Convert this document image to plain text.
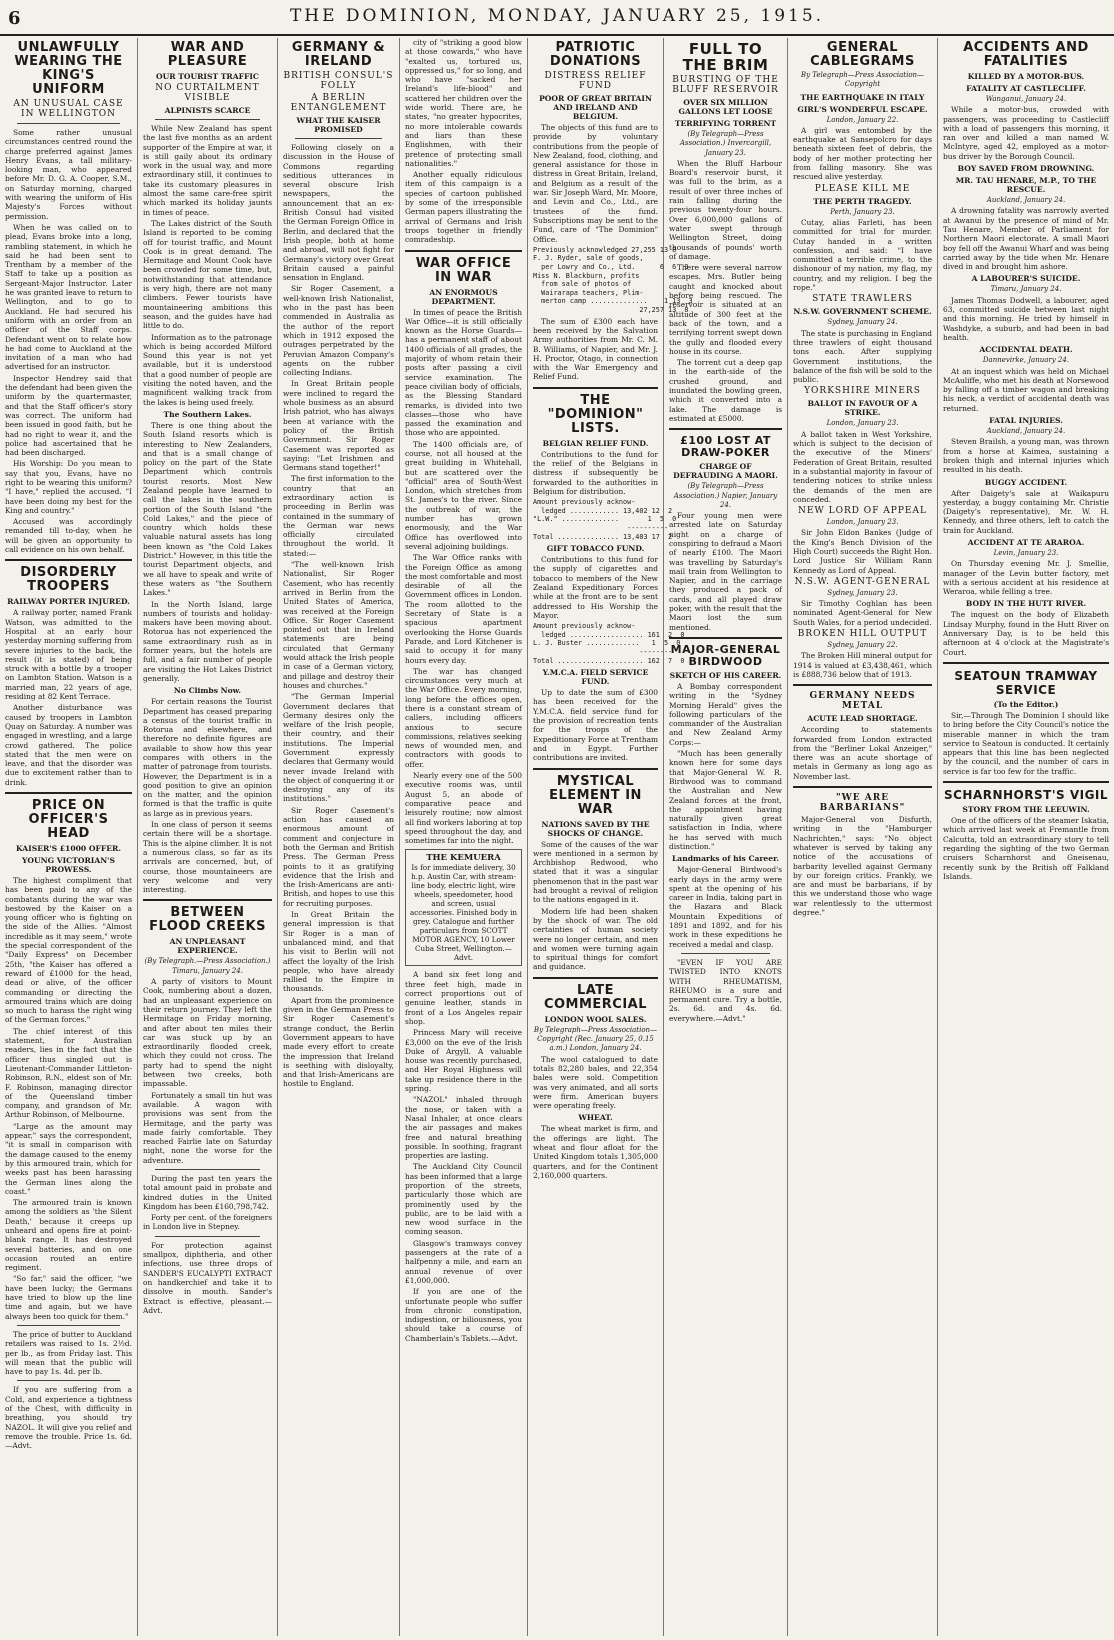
6	THE DOMINION, MONDAY, JANUARY 25, 1915.
UNLAWFULLY WEARING THE KING'S UNIFORM
AN UNUSUAL CASE IN WELLINGTON

Some rather unusual circumstances centred round the charge preferred against James Henry Evans, a tall military-looking man, who appeared before Mr. D. G. A. Cooper, S.M., on Saturday morning, charged with wearing the uniform of His Majesty's Forces without permission.

When he was called on to plead, Evans broke into a long, rambling statement, in which he said he had been sent to Trentham by a member of the Staff to take up a position as Sergeant-Major Instructor. Later he was granted leave to return to Wellington, and to go to Auckland. He had secured his uniform with an order from an officer of the Staff corps. Defendant went on to relate how he had come to Auckland at the invitation of a man who had advertised for an instructor.

Inspector Hendrey said that the defendant had been given the uniform by the quartermaster, and that the Staff officer's story was correct. The uniform had been issued in good faith, but he had no right to wear it, and the police had ascertained that he had been discharged.

His Worship: Do you mean to say that you, Evans, have no right to be wearing this uniform? "I have," replied the accused. "I have been doing my best for the King and country."

Accused was accordingly remanded till to-day, when he will be given an opportunity to call evidence on his own behalf.

DISORDERLY TROOPERS
RAILWAY PORTER INJURED.

A railway porter, named Frank Watson, was admitted to the Hospital at an early hour yesterday morning suffering from severe injuries to the back, the result (it is stated) of being struck with a bottle by a trooper on Lambton Station. Watson is a married man, 22 years of age, residing at 82 Kent Terrace.

Another disturbance was caused by troopers in Lambton Quay on Saturday. A number was engaged in wrestling, and a large crowd gathered. The police stated that the men were on leave, and that the disorder was due to excitement rather than to drink.

PRICE ON OFFICER'S HEAD
KAISER'S £1000 OFFER.
YOUNG VICTORIAN'S PROWESS.

The highest compliment that has been paid to any of the combatants during the war was bestowed by the Kaiser on a young officer who is fighting on the side of the Allies. "Almost incredible as it may seem," wrote the special correspondent of the "Daily Express" on December 25th, "the Kaiser has offered a reward of £1000 for the head, dead or alive, of the officer commanding or directing the armoured trains which are doing so much to harass the right wing of the German forces."

The chief interest of this statement, for Australian readers, lies in the fact that the officer thus singled out is Lieutenant-Commander Littleton-Robinson, R.N., eldest son of Mr. F. Robinson, managing director of the Queensland timber company, and grandson of Mr. Arthur Robinson, of Melbourne.

"Large as the amount may appear," says the correspondent, "it is small in comparison with the damage caused to the enemy by this armoured train, which for weeks past has been harassing the German lines along the coast."

The armoured train is known among the soldiers as 'the Silent Death,' because it creeps up unheard and opens fire at point-blank range. It has destroyed several batteries, and on one occasion routed an entire regiment.

"So far," said the officer, "we have been lucky; the Germans have tried to blow up the line time and again, but we have always been too quick for them."

The price of butter to Auckland retailers was raised to 1s. 2½d. per lb., as from Friday last. This will mean that the public will have to pay 1s. 4d. per lb.

If you are suffering from a Cold, and experience a tightness of the Chest, with difficulty in breathing, you should try NAZOL. It will give you relief and remove the trouble. Price 1s. 6d.—Advt.

WAR AND PLEASURE
OUR TOURIST TRAFFIC
NO CURTAILMENT VISIBLE
ALPINISTS SCARCE

While New Zealand has spent the last five months as an ardent supporter of the Empire at war, it is still gaily about its ordinary work in the usual way, and more extraordinary still, it continues to take its customary pleasures in almost the same care-free spirit which marked its holiday jaunts in times of peace.

The Lakes district of the South Island is reported to be coming off for tourist traffic, and Mount Cook is in great demand. The Hermitage and Mount Cook have been crowded for some time, but, notwithstanding that attendance is very high, there are not many climbers. Fewer tourists have mountaineering ambitions this season, and the guides have had little to do.

Information as to the patronage which is being accorded Milford Sound this year is not yet available, but it is understood that a good number of people are visiting the noted haven, and the magnificent walking track from the lakes is being used freely.

The Southern Lakes.

There is one thing about the South Island resorts which is interesting to New Zealanders, and that is a small change of policy on the part of the State Department which controls tourist resorts. Most New Zealand people have learned to call the lakes in the southern portion of the South Island "the Cold Lakes," and the piece of country which holds these valuable natural assets has long been known as "the Cold Lakes District." However, in this title the tourist Department objects, and we all have to speak and write of these waters as "the Southern Lakes."

In the North Island, large numbers of tourists and holiday-makers have been moving about. Rotorua has not experienced the same extraordinary rush as in former years, but the hotels are full, and a fair number of people are visiting the Hot Lakes District generally.

No Climbs Now.

For certain reasons the Tourist Department has ceased preparing a census of the tourist traffic in Rotorua and elsewhere, and therefore no definite figures are available to show how this year compares with others in the matter of patronage from tourists. However, the Department is in a good position to give an opinion on the matter, and the opinion formed is that the traffic is quite as large as in previous years.

In one class of person it seems certain there will be a shortage. This is the alpine climber. It is not a numerous class, so far as its arrivals are concerned, but, of course, those mountaineers are very welcome and very interesting.

BETWEEN FLOOD CREEKS
AN UNPLEASANT EXPERIENCE.
(By Telegraph.—Press Association.) Timaru, January 24.

A party of visitors to Mount Cook, numbering about a dozen, had an unpleasant experience on their return journey. They left the Hermitage on Friday morning, and after about ten miles their car was stuck up by an extraordinarily flooded creek, which they could not cross. The party had to spend the night between two creeks, both impassable.

Fortunately a small tin hut was available. A wagon with provisions was sent from the Hermitage, and the party was made fairly comfortable. They reached Fairlie late on Saturday night, none the worse for the adventure.

During the past ten years the total amount paid in probate and kindred duties in the United Kingdom has been £160,798,742.

Forty per cent. of the foreigners in London live in Stepney.

For protection against smallpox, diphtheria, and other infections, use three drops of SANDER'S EUCALYPTI EXTRACT on handkerchief and take it to dissolve in mouth. Sander's Extract is effective, pleasant.—Advt.

GERMANY & IRELAND
BRITISH CONSUL'S FOLLY
A BERLIN ENTANGLEMENT
WHAT THE KAISER PROMISED

Following closely on a discussion in the House of Commons regarding seditious utterances in several obscure Irish newspapers, the announcement that an ex-British Consul had visited the German Foreign Office in Berlin, and declared that the Irish people, both at home and abroad, will not fight for Germany's victory over Great Britain caused a painful sensation in England.

Sir Roger Casement, a well-known Irish Nationalist, who in the past has been commended in Australia as the author of the report which in 1912 exposed the outrages perpetrated by the Peruvian Amazon Company's agents on the rubber collecting Indians.

In Great Britain people were inclined to regard the whole business as an absurd Irish patriot, who has always been at variance with the policy of the British Government. Sir Roger Casement was reported as saying: "Let Irishmen and Germans stand together!"

The first information to the country that an extraordinary action is proceeding in Berlin was contained in the summary of the German war news officially circulated throughout the world. It stated:—

"The well-known Irish Nationalist, Sir Roger Casement, who has recently arrived in Berlin from the United States of America, was received at the Foreign Office. Sir Roger Casement pointed out that in Ireland statements are being circulated that Germany would attack the Irish people in case of a German victory, and pillage and destroy their houses and churches."

"The German Imperial Government declares that Germany desires only the welfare of the Irish people, their country, and their institutions. The Imperial Government expressly declares that Germany would never invade Ireland with the object of conquering it or destroying any of its institutions."

Sir Roger Casement's action has caused an enormous amount of comment and conjecture in both the German and British Press. The German Press points to it as gratifying evidence that the Irish and the Irish-Americans are anti-British, and hopes to use this for recruiting purposes.

In Great Britain the general impression is that Sir Roger is a man of unbalanced mind, and that his visit to Berlin will not affect the loyalty of the Irish people, who have already rallied to the Empire in thousands.

Apart from the prominence given in the German Press to Sir Roger Casement's strange conduct, the Berlin Government appears to have made every effort to create the impression that Ireland is seething with disloyalty, and that Irish-Americans are hostile to England.

city of "striking a good blow at those cowards," who have "exalted us, tortured us, oppressed us," for so long, and who have "sacked her Ireland's life-blood" and scattered her children over the wide world. There are, he states, "no greater hypocrites, no more intolerable cowards and liars than these Englishmen, with their pretence of protecting small nationalities."

Another equally ridiculous item of this campaign is a species of cartoon published by some of the irresponsible German papers illustrating the arrival of Germans and Irish troops together in friendly comradeship.

WAR OFFICE IN WAR
AN ENORMOUS DEPARTMENT.

In times of peace the British War Office—it is still officially known as the Horse Guards—has a permanent staff of about 1400 officials of all grades, the majority of whom retain their posts after passing a civil service examination. The peace civilian body of officials, as the Blessing Standard remarks, is divided into two classes—those who have passed the examination and those who are appointed.

The 1400 officials are, of course, not all housed at the great building in Whitehall, but are scattered over the "official" area of South-West London, which stretches from St. James's to the river. Since the outbreak of war, the number has grown enormously, and the War Office has overflowed into several adjoining buildings.

The War Office ranks with the Foreign Office as among the most comfortable and most desirable of all the Government offices in London. The room allotted to the Secretary of State is a spacious apartment overlooking the Horse Guards Parade, and Lord Kitchener is said to occupy it for many hours every day.

The war has changed circumstances very much at the War Office. Every morning, long before the offices open, there is a constant stream of callers, including officers anxious to secure commissions, relatives seeking news of wounded men, and contractors with goods to offer.

Nearly every one of the 500 executive rooms was, until August 5, an abode of comparative peace and leisurely routine; now almost all find workers laboring at top speed throughout the day, and sometimes far into the night.

THE KEMUERA
Is for immediate delivery, 30 h.p. Austin Car, with stream-line body, electric light, wire wheels, speedometer, hood and screen, usual accessories. Finished body in grey. Catalogue and further particulars from SCOTT MOTOR AGENCY, 10 Lower Cuba Street, Wellington.—Advt.

A band six feet long and three feet high, made in correct proportions out of genuine leather, stands in front of a Los Angeles repair shop.

Princess Mary will receive £3,000 on the eve of the Irish Duke of Argyll. A valuable house was recently purchased, and Her Royal Highness will take up residence there in the spring.

"NAZOL" inhaled through the nose, or taken with a Nasal Inhaler, at once clears the air passages and makes free and natural breathing possible. In soothing, fragrant properties are lasting.

The Auckland City Council has been informed that a large proportion of the streets, particularly those which are prominently used by the public, are to be laid with a new wood surface in the coming season.

Glasgow's tramways convey passengers at the rate of a halfpenny a mile, and earn an annual revenue of over £1,000,000.

If you are one of the unfortunate people who suffer from chronic constipation, indigestion, or biliousness, you should take a course of Chamberlain's Tablets.—Advt.

PATRIOTIC DONATIONS
DISTRESS RELIEF FUND
POOR OF GREAT BRITAIN AND IRELAND AND BELGIUM.

The objects of this fund are to provide by voluntary contributions from the people of New Zealand, food, clothing, and general assistance for those in distress in Great Britain, Ireland, and Belgium as a result of the war. Sir Joseph Ward, Mr. Moore, and Levin and Co., Ltd., are trustees of the fund. Subscriptions may be sent to the Fund, care of "The Dominion" Office.

Previously acknowledged 27,255 13 8
F. J. Ryder, sale of goods,
per Lowry and Co., Ltd.      6  6  9
Miss N. Blackburn, profits
from sale of photos of
Wairarapa teachers, Plim-
merton camp ..............    1 13  3
27,257 13  8

The sum of £300 each have been received by the Salvation Army authorities from Mr. C. M. B. Williams, of Napier, and Mr. J. H. Proctor, Otago, in connection with the War Emergency and Relief Fund.

THE "DOMINION" LISTS.
BELGIAN RELIEF FUND.

Contributions to the fund for the relief of the Belgians in distress if subsequently be forwarded to the authorities in Belgium for distribution.

Amount previously acknow-
ledged ............ 13,402 12  2
"L.W." ..............       1  5  0
----------
Total ............... 13,403 17  2
GIFT TOBACCO FUND.

Contributions to this fund for the supply of cigarettes and tobacco to members of the New Zealand Expeditionary Forces while at the front are to be sent addressed to His Worship the Mayor.

Amount previously acknow-
ledged .................. 161  2  0
L. J. Buster .............   1  5  0
--------
Total ..................... 162  7  0
Y.M.C.A. FIELD SERVICE FUND.

Up to date the sum of £300 has been received for the Y.M.C.A. field service fund for the provision of recreation tents for the troops of the Expeditionary Force at Trentham and in Egypt. Further contributions are invited.

MYSTICAL ELEMENT IN WAR
NATIONS SAVED BY THE SHOCKS OF CHANGE.

Some of the causes of the war were mentioned in a sermon by Archbishop Redwood, who stated that it was a singular phenomenon that in the past war had brought a revival of religion to the nations engaged in it.

Modern life had been shaken by the shock of war. The old certainties of human society were no longer certain, and men and women were turning again to spiritual things for comfort and guidance.

LATE COMMERCIAL
LONDON WOOL SALES.
By Telegraph—Press Association—Copyright (Rec. January 25, 0.15 a.m.) London, January 24.

The wool catalogued to date totals 82,280 bales, and 22,354 bales were sold. Competition was very animated, and all sorts were firm. American buyers were operating freely.

WHEAT.

The wheat market is firm, and the offerings are light. The wheat and flour afloat for the United Kingdom totals 1,305,000 quarters, and for the Continent 2,160,000 quarters.

FULL TO THE BRIM
BURSTING OF THE BLUFF RESERVOIR
OVER SIX MILLION GALLONS LET LOOSE
TERRIFYING TORRENT
(By Telegraph—Press Association.) Invercargill, January 23.

When the Bluff Harbour Board's reservoir burst, it was full to the brim, as a result of over three inches of rain falling during the previous twenty-four hours. Over 6,000,000 gallons of water swept through Wellington Street, doing thousands of pounds' worth of damage.

There were several narrow escapes. Mrs. Butler being caught and knocked about before being rescued. The reservoir is situated at an altitude of 300 feet at the back of the town, and a terrifying torrent swept down the gully and flooded every house in its course.

The torrent cut a deep gap in the earth-side of the crushed ground, and inundated the bowling green, which it converted into a lake. The damage is estimated at £5000.

£100 LOST AT DRAW-POKER
CHARGE OF DEFRAUDING A MAORI.
(By Telegraph—Press Association.) Napier, January 24.

Four young men were arrested late on Saturday night on a charge of conspiring to defraud a Maori of nearly £100. The Maori was travelling by Saturday's mail train from Wellington to Napier, and in the carriage they produced a pack of cards, and all played draw poker, with the result that the Maori lost the sum mentioned.

MAJOR-GENERAL BIRDWOOD
SKETCH OF HIS CAREER.

A Bombay correspondent writing in the "Sydney Morning Herald" gives the following particulars of the commander of the Australian and New Zealand Army Corps:—

"Much has been generally known here for some days that Major-General W. R. Birdwood was to command the Australian and New Zealand forces at the front, the appointment having naturally given great satisfaction in India, where he has served with much distinction."

Landmarks of his Career.

Major-General Birdwood's early days in the army were spent at the opening of his career in India, taking part in the Hazara and Black Mountain Expeditions of 1891 and 1892, and for his work in these expeditions he received a medal and clasp.

"EVEN IF YOU ARE TWISTED INTO KNOTS WITH RHEUMATISM, RHEUMO is a sure and permanent cure. Try a bottle, 2s. 6d. and 4s. 6d. everywhere.—Advt."

GENERAL CABLEGRAMS
By Telegraph—Press Association—Copyright
THE EARTHQUAKE IN ITALY
GIRL'S WONDERFUL ESCAPE.
London, January 22.

A girl was entombed by the earthquake at Sansepolcro for days beneath sixteen feet of debris, the body of her mother protecting her from falling masonry. She was rescued alive yesterday.

PLEASE KILL ME
THE PERTH TRAGEDY.
Perth, January 23.

Cutay, alias Farleti, has been committed for trial for murder. Cutay handed in a written confession, and said: "I have committed a terrible crime, to the dishonour of my nation, my flag, my country, and my religion. I beg the rope."

STATE TRAWLERS
N.S.W. GOVERNMENT SCHEME.
Sydney, January 24.

The state is purchasing in England three trawlers of eight thousand tons each. After supplying Government institutions, the balance of the fish will be sold to the public.

YORKSHIRE MINERS
BALLOT IN FAVOUR OF A STRIKE.
London, January 23.

A ballot taken in West Yorkshire, which is subject to the decision of the executive of the Miners' Federation of Great Britain, resulted in a substantial majority in favour of tendering notices to strike unless the demands of the men are conceded.

NEW LORD OF APPEAL
London, January 23.

Sir John Eldon Bankes (Judge of the King's Bench Division of the High Court) succeeds the Right Hon. Lord Justice Sir William Rann Kennedy as Lord of Appeal.

N.S.W. AGENT-GENERAL
Sydney, January 23.

Sir Timothy Coghlan has been nominated Agent-General for New South Wales, for a period undecided.

BROKEN HILL OUTPUT
Sydney, January 22.

The Broken Hill mineral output for 1914 is valued at £3,438,461, which is £888,736 below that of 1913.

GERMANY NEEDS METAL
ACUTE LEAD SHORTAGE.

According to statements forwarded from London extracted from the "Berliner Lokal Anzeiger," there was an acute shortage of metals in Germany as long ago as November last.

"WE ARE BARBARIANS"

Major-General von Disfurth, writing in the "Hamburger Nachrichten," says: "No object whatever is served by taking any notice of the accusations of barbarity levelled against Germany by our foreign critics. Frankly, we are and must be barbarians, if by this we understand those who wage war relentlessly to the uttermost degree."

ACCIDENTS AND FATALITIES
KILLED BY A MOTOR-BUS.
FATALITY AT CASTLECLIFF.
Wanganui, January 24.

While a motor-bus, crowded with passengers, was proceeding to Castlecliff with a load of passengers this morning, it ran over and killed a man named W. McIntyre, aged 42, employed as a motor-bus driver by the Borough Council.

BOY SAVED FROM DROWNING.
MR. TAU HENARE, M.P., TO THE RESCUE.
Auckland, January 24.

A drowning fatality was narrowly averted at Awanui by the presence of mind of Mr. Tau Henare, Member of Parliament for Northern Maori electorate. A small Maori boy fell off the Awanui Wharf and was being carried away by the tide when Mr. Henare dived in and brought him ashore.

A LABOURER'S SUICIDE.
Timaru, January 24.

James Thomas Dodwell, a labourer, aged 63, committed suicide between last night and this morning. He tried by himself in Washdyke, a suburb, and had been in bad health.

ACCIDENTAL DEATH.
Dannevirke, January 24.

At an inquest which was held on Michael McAuliffe, who met his death at Norsewood by falling off a timber wagon and breaking his neck, a verdict of accidental death was returned.

FATAL INJURIES.
Auckland, January 24.

Steven Brailsh, a young man, was thrown from a horse at Kaimea, sustaining a broken thigh and internal injuries which resulted in his death.

BUGGY ACCIDENT.

After Daigety's sale at Waikapuru yesterday, a buggy containing Mr. Christie (Daigety's representative), Mr. W. H. Kennedy, and three others, left to catch the train for Auckland.

ACCIDENT AT TE ARAROA.
Levin, January 23.

On Thursday evening Mr. J. Smellie, manager of the Levin butter factory, met with a serious accident at his residence at Weraroa, while felling a tree.

BODY IN THE HUTT RIVER.

The inquest on the body of Elizabeth Lindsay Murphy, found in the Hutt River on Anniversary Day, is to be held this afternoon at 4 o'clock at the Magistrate's Court.

SEATOUN TRAMWAY SERVICE
(To the Editor.)

Sir,—Through The Dominion I should like to bring before the City Council's notice the miserable manner in which the tram service to Seatoun is conducted. It certainly appears that this line has been neglected by the council, and the number of cars in service is far too few for the traffic.

SCHARNHORST'S VIGIL
STORY FROM THE LEEUWIN.

One of the officers of the steamer Iskatia, which arrived last week at Fremantle from Calcutta, told an extraordinary story to tell regarding the sighting of the two German cruisers Scharnhorst and Gneisenau, recently sunk by the British off Falkland Islands.
